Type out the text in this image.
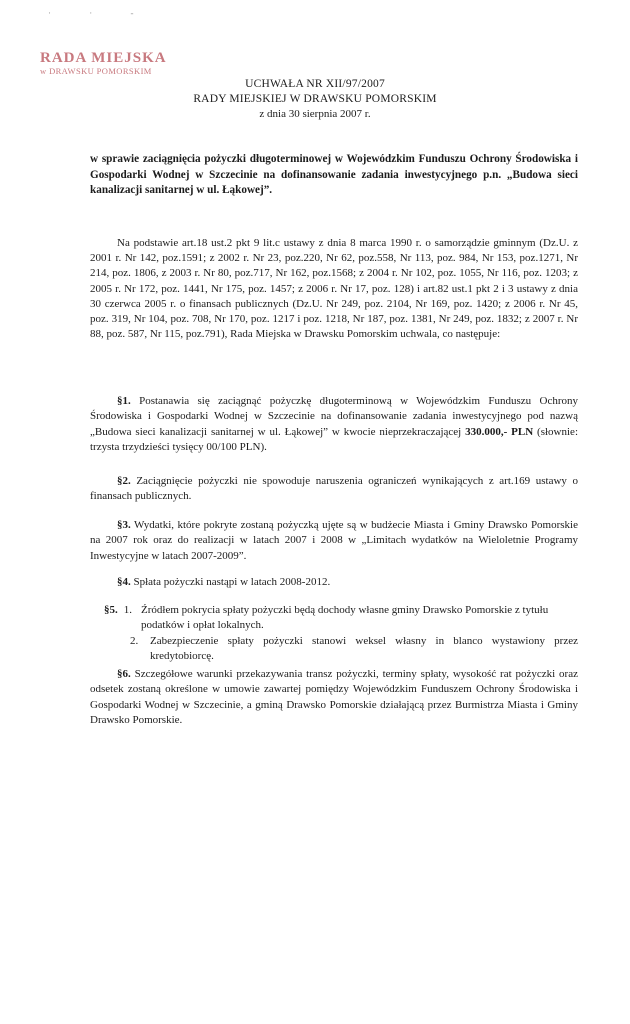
· · ‐
RADA MIEJSKA
w DRAWSKU POMORSKIM
UCHWAŁA NR XII/97/2007
RADY MIEJSKIEJ W DRAWSKU POMORSKIM
z dnia 30 sierpnia 2007 r.
w sprawie zaciągnięcia pożyczki długoterminowej w Wojewódzkim Funduszu Ochrony Środowiska i Gospodarki Wodnej w Szczecinie na dofinansowanie zadania inwestycyjnego p.n. „Budowa sieci kanalizacji sanitarnej w ul. Łąkowej”.
Na podstawie art.18 ust.2 pkt 9 lit.c ustawy z dnia 8 marca 1990 r. o samorządzie gminnym (Dz.U. z 2001 r. Nr 142, poz.1591; z 2002 r. Nr 23, poz.220, Nr 62, poz.558, Nr 113, poz. 984, Nr 153, poz.1271, Nr 214, poz. 1806, z 2003 r. Nr 80, poz.717, Nr 162, poz.1568; z 2004 r. Nr 102, poz. 1055, Nr 116, poz. 1203; z 2005 r. Nr 172, poz. 1441, Nr 175, poz. 1457; z 2006 r. Nr 17, poz. 128) i art.82 ust.1 pkt 2 i 3 ustawy z dnia 30 czerwca 2005 r. o finansach publicznych (Dz.U. Nr 249, poz. 2104, Nr 169, poz. 1420; z 2006 r. Nr 45, poz. 319, Nr 104, poz. 708, Nr 170, poz. 1217 i poz. 1218, Nr 187, poz. 1381, Nr 249, poz. 1832; z 2007 r. Nr 88, poz. 587, Nr 115, poz.791), Rada Miejska w Drawsku Pomorskim uchwala, co następuje:
§1. Postanawia się zaciągnąć pożyczkę długoterminową w Wojewódzkim Funduszu Ochrony Środowiska i Gospodarki Wodnej w Szczecinie na dofinansowanie zadania inwestycyjnego pod nazwą „Budowa sieci kanalizacji sanitarnej w ul. Łąkowej” w kwocie nieprzekraczającej 330.000,- PLN (słownie: trzysta trzydzieści tysięcy 00/100 PLN).
§2. Zaciągnięcie pożyczki nie spowoduje naruszenia ograniczeń wynikających z art.169 ustawy o finansach publicznych.
§3. Wydatki, które pokryte zostaną pożyczką ujęte są w budżecie Miasta i Gminy Drawsko Pomorskie na 2007 rok oraz do realizacji w latach 2007 i 2008 w „Limitach wydatków na Wieloletnie Programy Inwestycyjne w latach 2007-2009”.
§4. Spłata pożyczki nastąpi w latach 2008-2012.
§5. 1. Źródłem pokrycia spłaty pożyczki będą dochody własne gminy Drawsko Pomorskie z tytułu podatków i opłat lokalnych.
2.	Zabezpieczenie spłaty pożyczki stanowi weksel własny in blanco wystawiony przez kredytobiorcę.
§6. Szczegółowe warunki przekazywania transz pożyczki, terminy spłaty, wysokość rat pożyczki oraz odsetek zostaną określone w umowie zawartej pomiędzy Wojewódzkim Funduszem Ochrony Środowiska i Gospodarki Wodnej w Szczecinie, a gminą Drawsko Pomorskie działającą przez Burmistrza Miasta i Gminy Drawsko Pomorskie.
